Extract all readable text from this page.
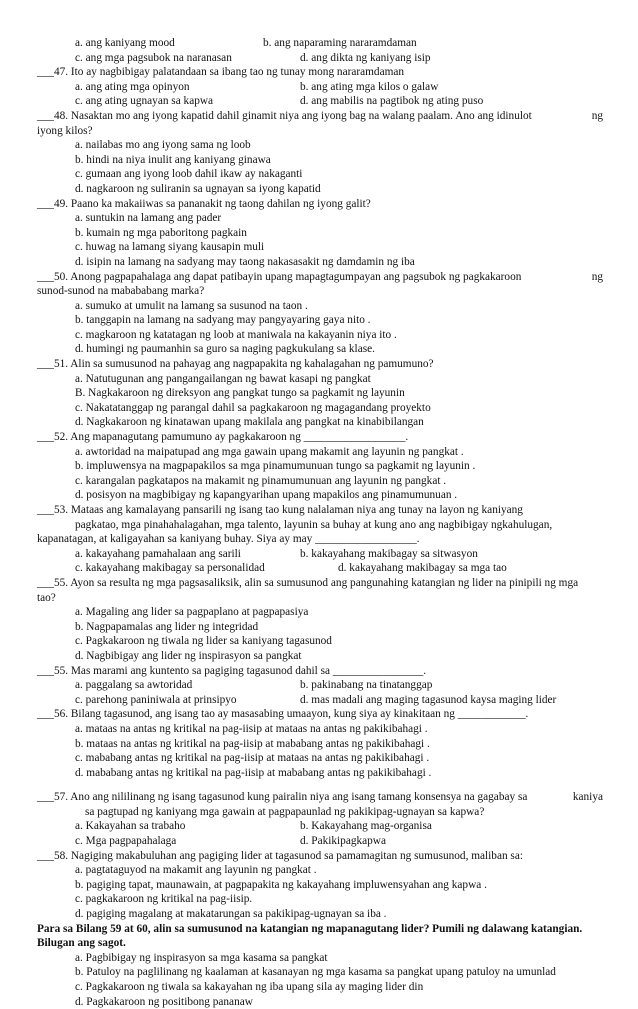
a. ang kaniyang mood	b. ang naparaming nararamdaman
c. ang mga pagsubok na naranasan	d. ang dikta ng kaniyang isip
___47. Ito ay nagbibigay palatandaan sa ibang tao ng tunay mong nararamdaman
a. ang ating mga opinyon	b. ang ating mga kilos o galaw
c. ang ating ugnayan sa kapwa	d. ang mabilis na pagtibok ng ating puso
___48. Nasaktan mo ang iyong kapatid dahil ginamit niya ang iyong bag na walang paalam. Ano ang idinulot	ng
iyong kilos?
a. nailabas mo ang iyong sama ng loob
b. hindi na niya inulit ang kaniyang ginawa
c. gumaan ang iyong loob dahil ikaw ay nakaganti
d. nagkaroon ng suliranin sa ugnayan sa iyong kapatid
___49. Paano ka makaiiwas sa pananakit ng taong dahilan ng iyong galit?
a. suntukin na lamang ang pader
b. kumain ng mga paboritong pagkain
c. huwag na lamang siyang kausapin muli
d. isipin na lamang na sadyang may taong nakasasakit ng damdamin ng iba
___50. Anong pagpapahalaga ang dapat patibayin upang mapagtagumpayan ang pagsubok ng pagkakaroon	ng
sunod-sunod na mabababang marka?
a. sumuko at umulit na lamang sa susunod na taon .
b. tanggapin na lamang na sadyang may pangyayaring gaya nito .
c. magkaroon ng katatagan ng loob at maniwala na kakayanin niya ito .
d. humingi ng paumanhin sa guro sa naging pagkukulang sa klase.
___51. Alin sa sumusunod na pahayag ang nagpapakita ng kahalagahan ng pamumuno?
a. Natutugunan ang pangangailangan ng bawat kasapi ng pangkat
B. Nagkakaroon ng direksyon ang pangkat tungo sa pagkamit ng layunin
c. Nakatatanggap ng parangal dahil sa pagkakaroon ng magagandang proyekto
d. Nagkakaroon ng kinatawan upang makilala ang pangkat na kinabibilangan
___52. Ang mapanagutang pamumuno ay pagkakaroon ng __________________.
a. awtoridad na maipatupad ang mga gawain upang makamit ang layunin ng pangkat .
b. impluwensya na magpapakilos sa mga pinamumunuan tungo sa pagkamit ng layunin .
c. karangalan pagkatapos na makamit ng pinamumunuan ang layunin ng pangkat .
d. posisyon na magbibigay ng kapangyarihan upang mapakilos ang pinamumunuan .
___53. Mataas ang kamalayang pansarili ng isang tao kung nalalaman niya ang tunay na layon ng kaniyang
pagkatao, mga pinahahalagahan, mga talento, layunin sa buhay at kung ano ang nagbibigay ngkahulugan,
kapanatagan, at kaligayahan sa kaniyang buhay. Siya ay may __________________.
a. kakayahang pamahalaan ang sarili	b. kakayahang makibagay sa sitwasyon
c. kakayahang makibagay sa personalidad	d. kakayahang makibagay sa mga tao
___55. Ayon sa resulta ng mga pagsasaliksik, alin sa sumusunod ang pangunahing katangian ng lider na pinipili ng mga
tao?
a. Magaling ang lider sa pagpaplano at pagpapasiya
b. Nagpapamalas ang lider ng integridad
c. Pagkakaroon ng tiwala ng lider sa kaniyang tagasunod
d. Nagbibigay ang lider ng inspirasyon sa pangkat
___55. Mas marami ang kuntento sa pagiging tagasunod dahil sa ________________.
a. paggalang sa awtoridad	b. pakinabang na tinatanggap
c. parehong paniniwala at prinsipyo	d. mas madali ang maging tagasunod kaysa maging lider
___56. Bilang tagasunod, ang isang tao ay masasabing umaayon, kung siya ay kinakitaan ng ____________.
a. mataas na antas ng kritikal na pag-iisip at mataas na antas ng pakikibahagi .
b. mataas na antas ng kritikal na pag-iisip at mababang antas ng pakikibahagi .
c. mababang antas ng kritikal na pag-iisip at mataas na antas ng pakikibahagi .
d. mababang antas ng kritikal na pag-iisip at mababang antas ng pakikibahagi .
___57. Ano ang nililinang ng isang tagasunod kung pairalin niya ang isang tamang konsensya na gagabay sa	kaniya
sa pagtupad ng kaniyang mga gawain at pagpapaunlad ng pakikipag-ugnayan sa kapwa?
a. Kakayahan sa trabaho	b. Kakayahang mag-organisa
c. Mga pagpapahalaga	d. Pakikipagkapwa
___58. Nagiging makabuluhan ang pagiging lider at tagasunod sa pamamagitan ng sumusunod, maliban sa:
a. pagtataguyod na makamit ang layunin ng pangkat .
b. pagiging tapat, maunawain, at pagpapakita ng kakayahang impluwensyahan ang kapwa .
c. pagkakaroon ng kritikal na pag-iisip.
d. pagiging magalang at makatarungan sa pakikipag-ugnayan sa iba .
Para sa Bilang 59 at 60, alin sa sumusunod na katangian ng mapanagutang lider? Pumili ng dalawang katangian.
Bilugan ang sagot.
a. Pagbibigay ng inspirasyon sa mga kasama sa pangkat
b. Patuloy na paglilinang ng kaalaman at kasanayan ng mga kasama sa pangkat upang patuloy na umunlad
c. Pagkakaroon ng tiwala sa kakayahan ng iba upang sila ay maging lider din
d. Pagkakaroon ng positibong pananaw
